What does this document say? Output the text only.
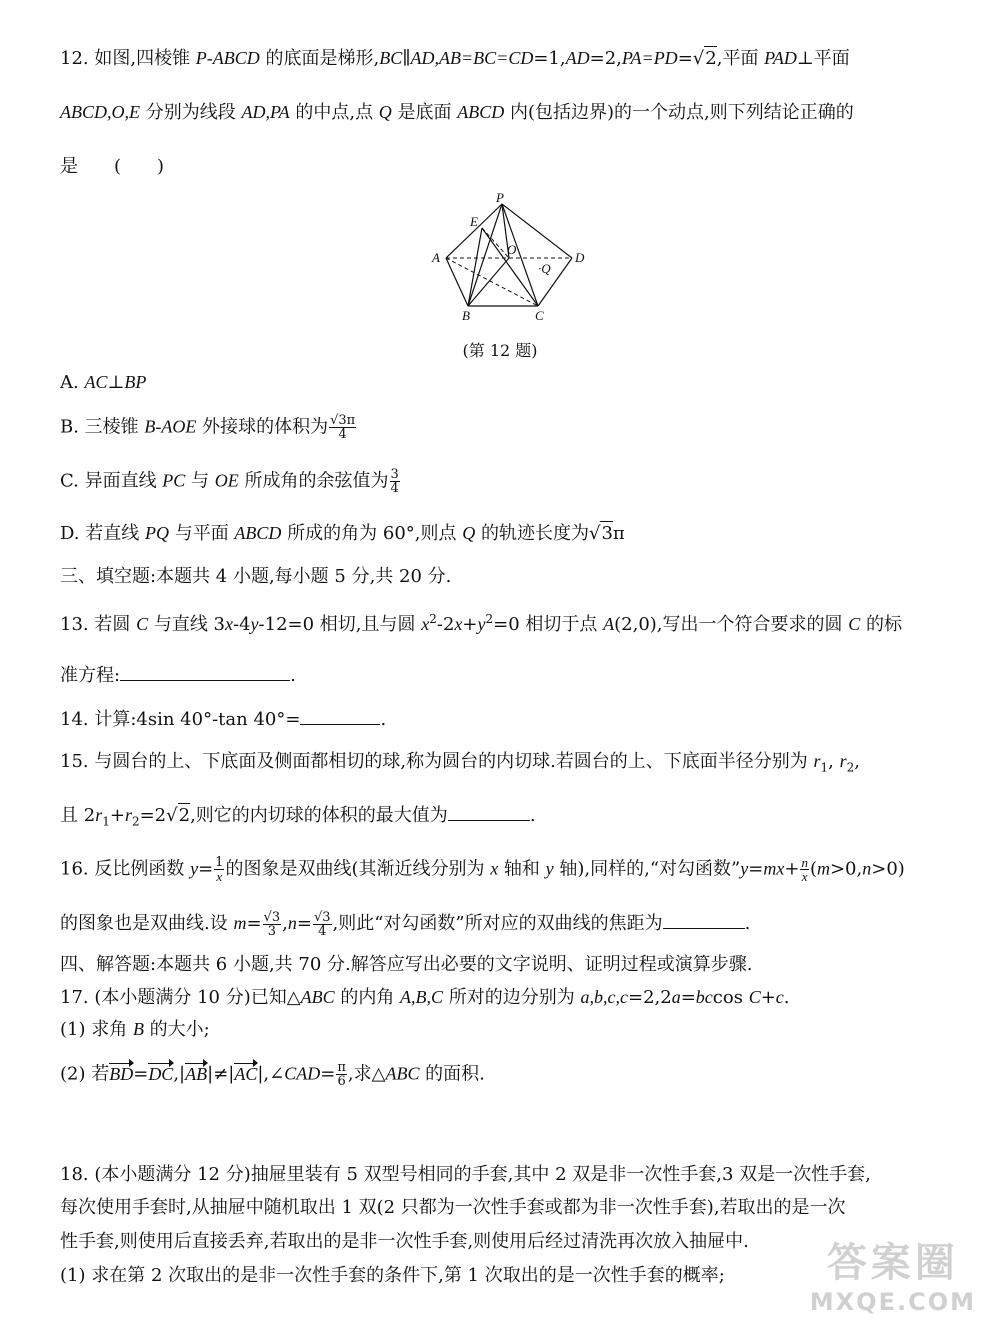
12. 如图,四棱锥 P-ABCD 的底面是梯形,BC∥AD,AB=BC=CD=1,AD=2,PA=PD=√2,平面 PAD⊥平面
ABCD,O,E 分别为线段 AD,PA 的中点,点 Q 是底面 ABCD 内(包括边界)的一个动点,则下列结论正确的
是　　(　　)
P
E
A
O
D
·Q
B	C
(第 12 题)
A. AC⊥BP
B. 三棱锥 B-AOE 外接球的体积为 $\frac{√3\pi}{4}$
C. 异面直线 PC 与 OE 所成角的余弦值为 $\frac{3}{4}$
D. 若直线 PQ 与平面 ABCD 所成的角为 60°,则点 Q 的轨迹长度为√3π
三、填空题:本题共 4 小题,每小题 5 分,共 20 分.
13. 若圆 C 与直线 3x-4y-12=0 相切,且与圆 $x^2-2x+y^2=0$ 相切于点 A(2,0),写出一个符合要求的圆 C 的标
准方程:	.
14. 计算:4sin 40°-tan 40°=	.
15. 与圆台的上、下底面及侧面都相切的球,称为圆台的内切球.若圆台的上、下底面半径分别为 $r_1$, $r_2$,
且 $2r_1+r_2=2√2$,则它的内切球的体积的最大值为	.
16. 反比例函数 $y= \frac{1}{x}$ 的图象是双曲线(其渐近线分别为 x 轴和 y 轴),同样的,“对勾函数”y=mx+ $\frac{n}{x} (m>0,n>0)$
的图象也是双曲线.设 $m= \frac{√3}{3} ,n= \frac{√3}{4}$ ,则此“对勾函数”所对应的双曲线的焦距为	.
四、解答题:本题共 6 小题,共 70 分.解答应写出必要的文字说明、证明过程或演算步骤.
17. (本小题满分 10 分)已知△ABC 的内角 A,B,C 所对的边分别为 a,b,c,c=2,2a=bccos C+c.
(1) 求角 B 的大小;
(2) 若BD=DC,|AB|≠|AC|,∠CAD= $\frac{\pi}{6}$ ,求△ABC 的面积.
18. (本小题满分 12 分)抽屉里装有 5 双型号相同的手套,其中 2 双是非一次性手套,3 双是一次性手套,
每次使用手套时,从抽屉中随机取出 1 双(2 只都为一次性手套或都为非一次性手套),若取出的是一次
性手套,则使用后直接丢弃,若取出的是非一次性手套,则使用后经过清洗再次放入抽屉中.
(1) 求在第 2 次取出的是非一次性手套的条件下,第 1 次取出的是一次性手套的概率;	答案圈
MXQE.COM
